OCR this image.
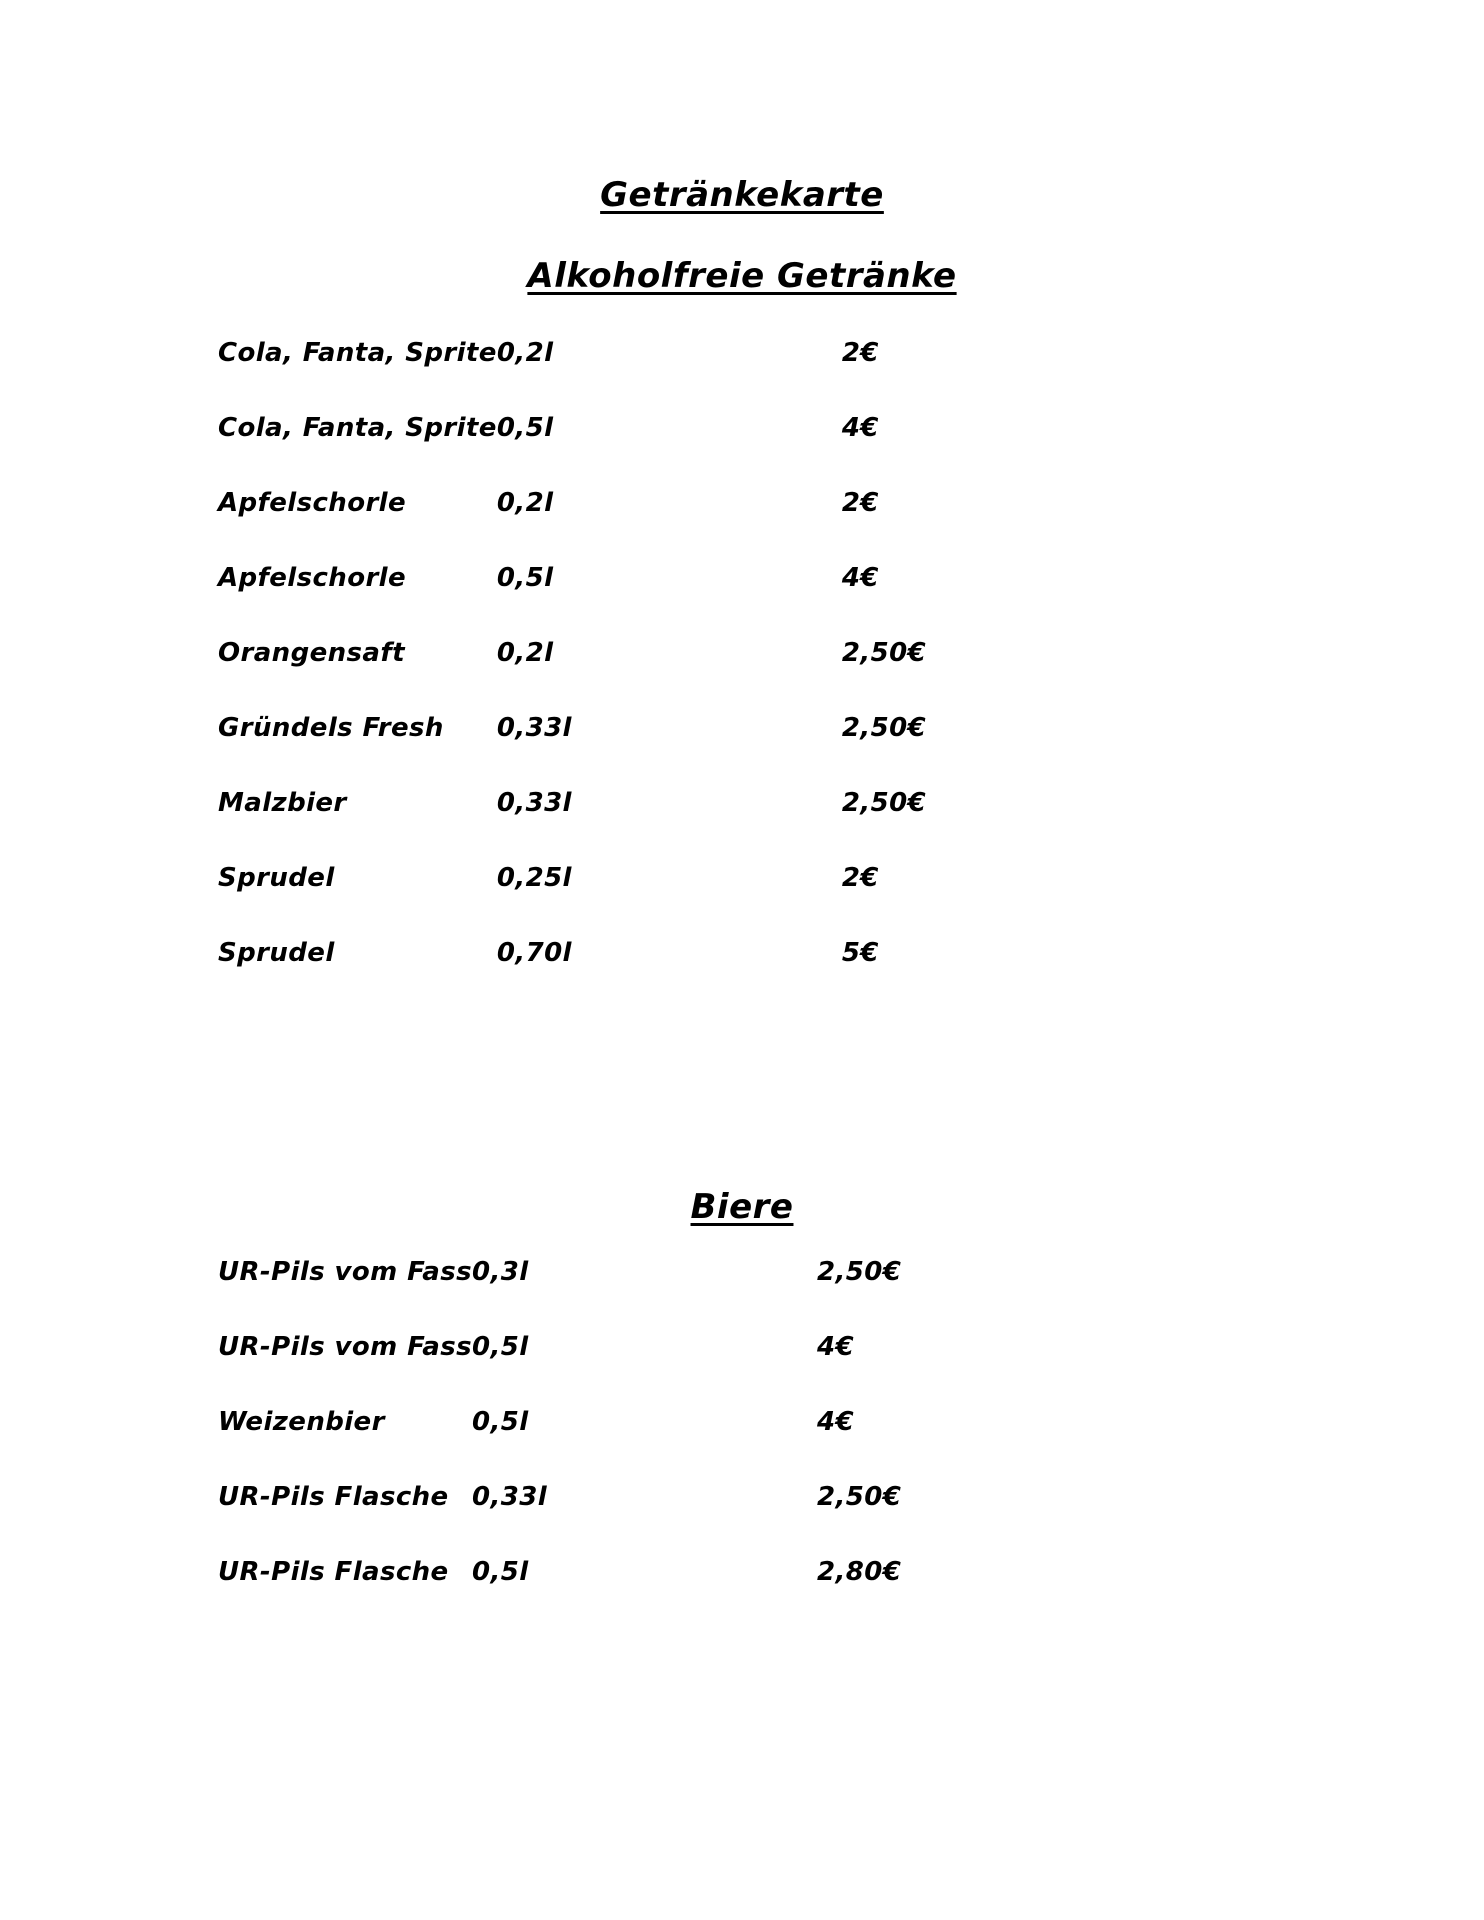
Getränkekarte
Alkoholfreie Getränke
Cola, Fanta, Sprite	0,2l	2€
Cola, Fanta, Sprite	0,5l	4€
Apfelschorle	0,2l	2€
Apfelschorle	0,5l	4€
Orangensaft	0,2l	2,50€
Gründels Fresh	0,33l	2,50€
Malzbier	0,33l	2,50€
Sprudel	0,25l	2€
Sprudel	0,70l	5€
Biere
UR-Pils vom Fass	0,3l	2,50€
UR-Pils vom Fass	0,5l	4€
Weizenbier	0,5l	4€
UR-Pils Flasche	0,33l	2,50€
UR-Pils Flasche	0,5l	2,80€
